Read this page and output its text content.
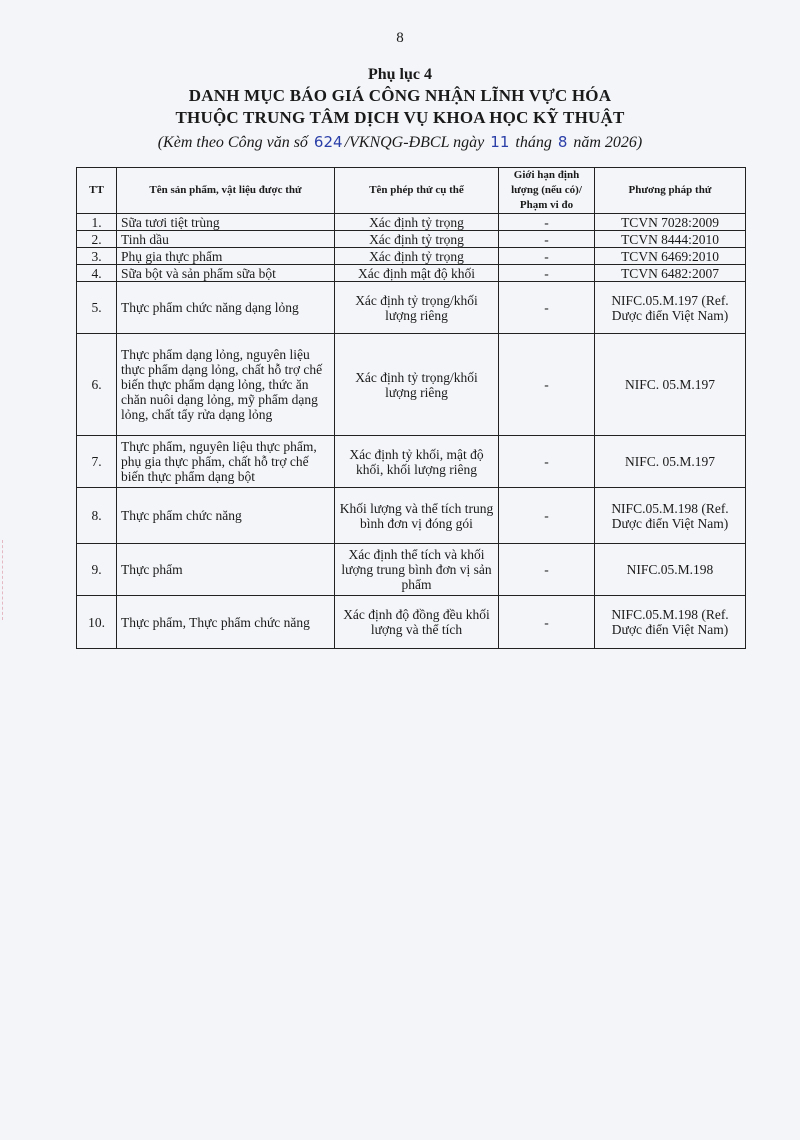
8
Phụ lục 4
DANH MỤC BÁO GIÁ CÔNG NHẬN LĨNH VỰC HÓA
THUỘC TRUNG TÂM DỊCH VỤ KHOA HỌC KỸ THUẬT
(Kèm theo Công văn số 624 /VKNQG-ĐBCL ngày 11 tháng 8 năm 2026)
TT	Tên sản phẩm, vật liệu được thử	Tên phép thử cụ thể	Giới hạn định lượng (nếu có)/ Phạm vi đo	Phương pháp thử
1.	Sữa tươi tiệt trùng	Xác định tỷ trọng	-	TCVN 7028:2009
2.	Tinh dầu	Xác định tỷ trọng	-	TCVN 8444:2010
3.	Phụ gia thực phẩm	Xác định tỷ trọng	-	TCVN 6469:2010
4.	Sữa bột và sản phẩm sữa bột	Xác định mật độ khối	-	TCVN 6482:2007
5.	Thực phẩm chức năng dạng lỏng	Xác định tỷ trọng/khối lượng riêng	-	NIFC.05.M.197 (Ref. Dược điển Việt Nam)
6.	Thực phẩm dạng lỏng, nguyên liệu thực phẩm dạng lỏng, chất hỗ trợ chế biến thực phẩm dạng lỏng, thức ăn chăn nuôi dạng lỏng, mỹ phẩm dạng lỏng, chất tẩy rửa dạng lỏng	Xác định tỷ trọng/khối lượng riêng	-	NIFC. 05.M.197
7.	Thực phẩm, nguyên liệu thực phẩm, phụ gia thực phẩm, chất hỗ trợ chế biến thực phẩm dạng bột	Xác định tỷ khối, mật độ khối, khối lượng riêng	-	NIFC. 05.M.197
8.	Thực phẩm chức năng	Khối lượng và thể tích trung bình đơn vị đóng gói	-	NIFC.05.M.198 (Ref. Dược điển Việt Nam)
9.	Thực phẩm	Xác định thể tích và khối lượng trung bình đơn vị sản phẩm	-	NIFC.05.M.198
10.	Thực phẩm, Thực phẩm chức năng	Xác định độ đồng đều khối lượng và thể tích	-	NIFC.05.M.198 (Ref. Dược điển Việt Nam)
